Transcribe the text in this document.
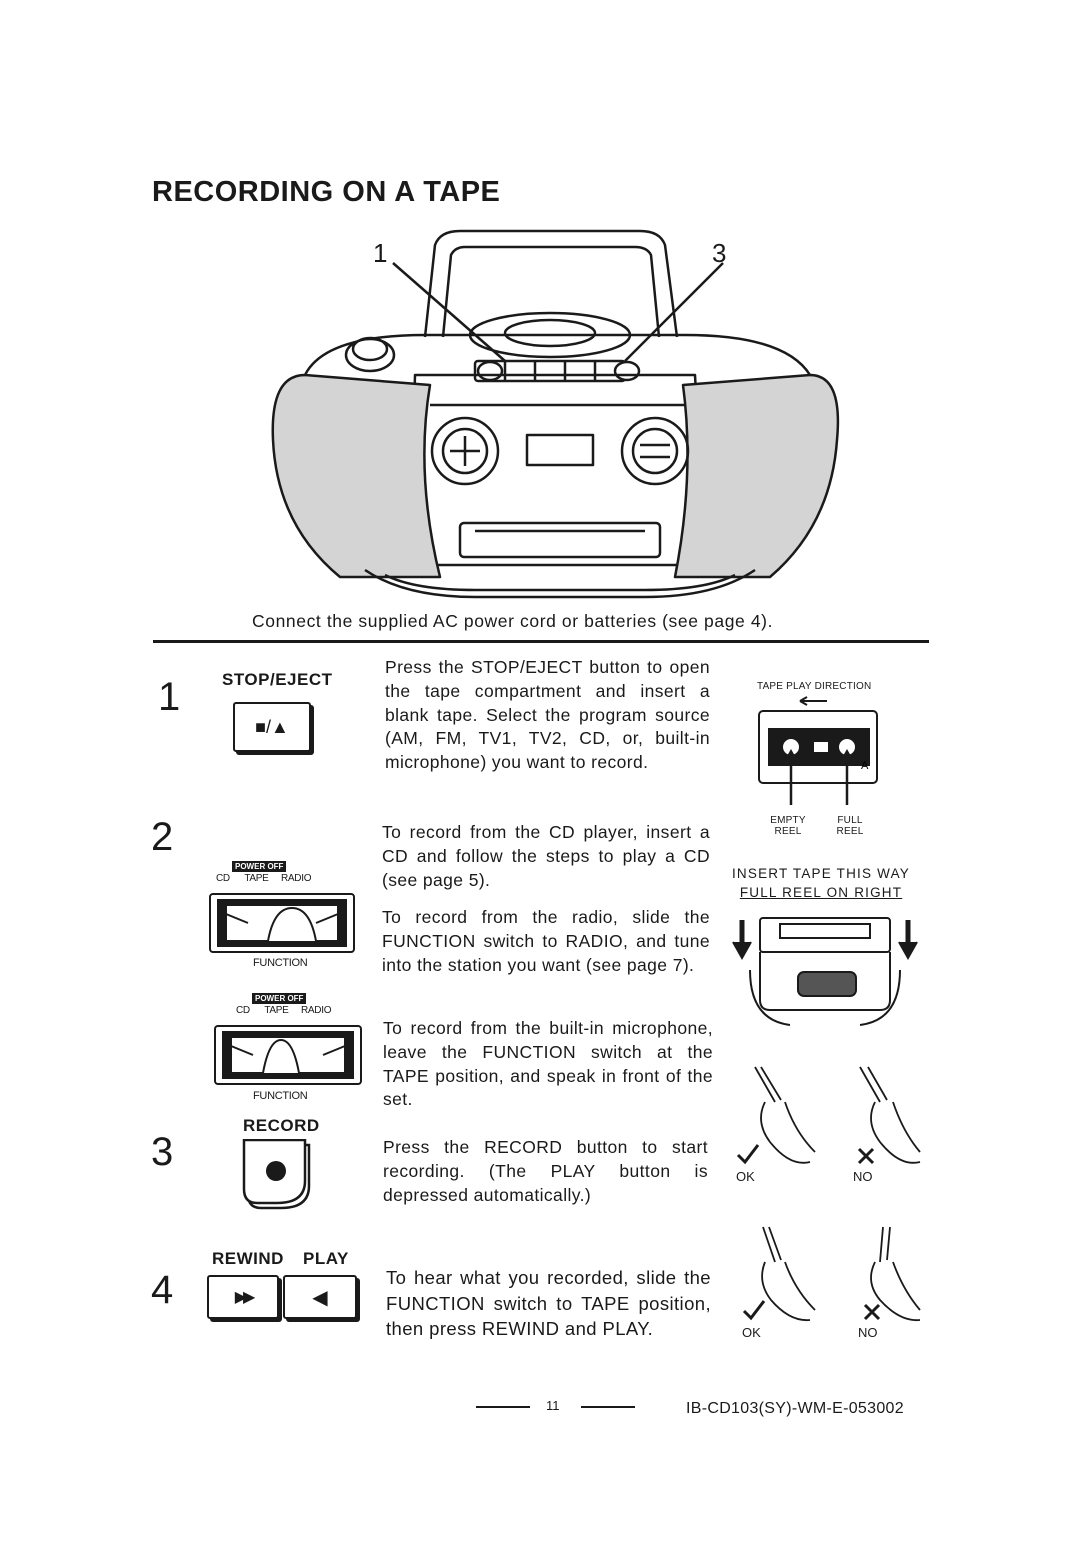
RECORDING ON A TAPE
1	3
Connect the supplied AC power cord or batteries (see page 4).
1 STOP/EJECT
■/▲
Press the STOP/EJECT button to open the tape compartment and insert a blank tape. Select the program source (AM, FM, TV1, TV2, CD, or, built-in microphone) you want to record.
TAPE PLAY DIRECTION
A
EMPTY
REEL
FULL
REEL
INSERT TAPE THIS WAY
FULL REEL ON RIGHT
2	To record from the CD player, insert a CD and follow the steps to play a CD (see page 5).
To record from the radio, slide the FUNCTION switch to RADIO, and tune into the station you want (see page 7).
To record from the built-in microphone, leave the FUNCTION switch at the TAPE position, and speak in front of the set.
POWER OFF
CD TAPE RADIO
FUNCTION
POWER OFF
CD TAPE RADIO
FUNCTION
3
RECORD
Press the RECORD button to start recording. (The PLAY button is depressed automatically.)
OK	NO
OK	NO
4
REWIND PLAY
▶▶	◀
To hear what you recorded, slide the FUNCTION switch to TAPE position, then press REWIND and PLAY.
11	IB-CD103(SY)-WM-E-053002
